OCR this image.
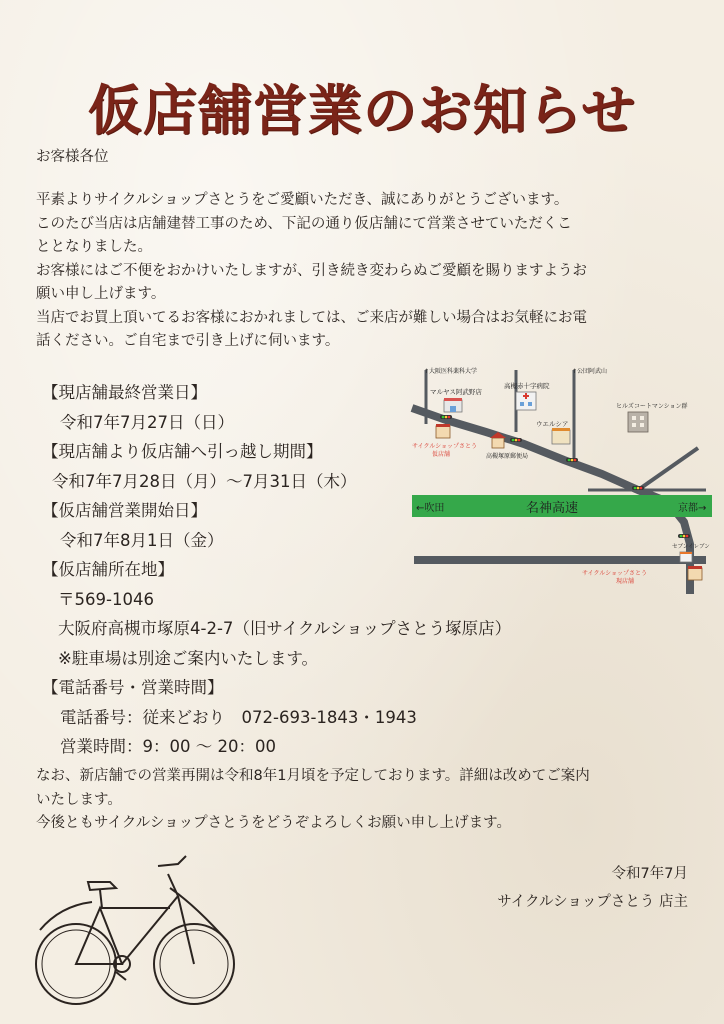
仮店舗営業のお知らせ
お客様各位

平素よりサイクルショップさとうをご愛顧いただき、誠にありがとうございます。

このたび当店は店舗建替工事のため、下記の通り仮店舗にて営業させていただくこ

ととなりました。

お客様にはご不便をおかけいたしますが、引き続き変わらぬご愛顧を賜りますようお

願い申し上げます。

当店でお買上頂いてるお客様におかれましては、ご来店が難しい場合はお気軽にお電

話ください。ご自宅まで引き上げに伺います。

【現店舗最終営業日】
令和7年7月27日（日）
【現店舗より仮店舗へ引っ越し期間】
令和7年7月28日（月）〜7月31日（木）
【仮店舗営業開始日】
令和7年8月1日（金）
【仮店舗所在地】
〒569-1046
大阪府高槻市塚原4-2-7（旧サイクルショップさとう塚原店）
※駐車場は別途ご案内いたします。
【電話番号・営業時間】
電話番号：従来どおり　072-693-1843・1943
営業時間：9：00 〜 20：00
←吹田	名神高速	京都→
↑大阪医科薬科大学	↑公団阿武山
マルヤス阿武野店
高槻赤十字病院
ウエルシア
ヒルズコートマンション群
サイクルショップさとう
仮店舗	高槻塚原郵便局
セブンイレブン
サイクルショップさとう
現店舗

なお、新店舗での営業再開は令和8年1月頃を予定しております。詳細は改めてご案内

いたします。

今後ともサイクルショップさとうをどうぞよろしくお願い申し上げます。

令和7年7月
サイクルショップさとう 店主
